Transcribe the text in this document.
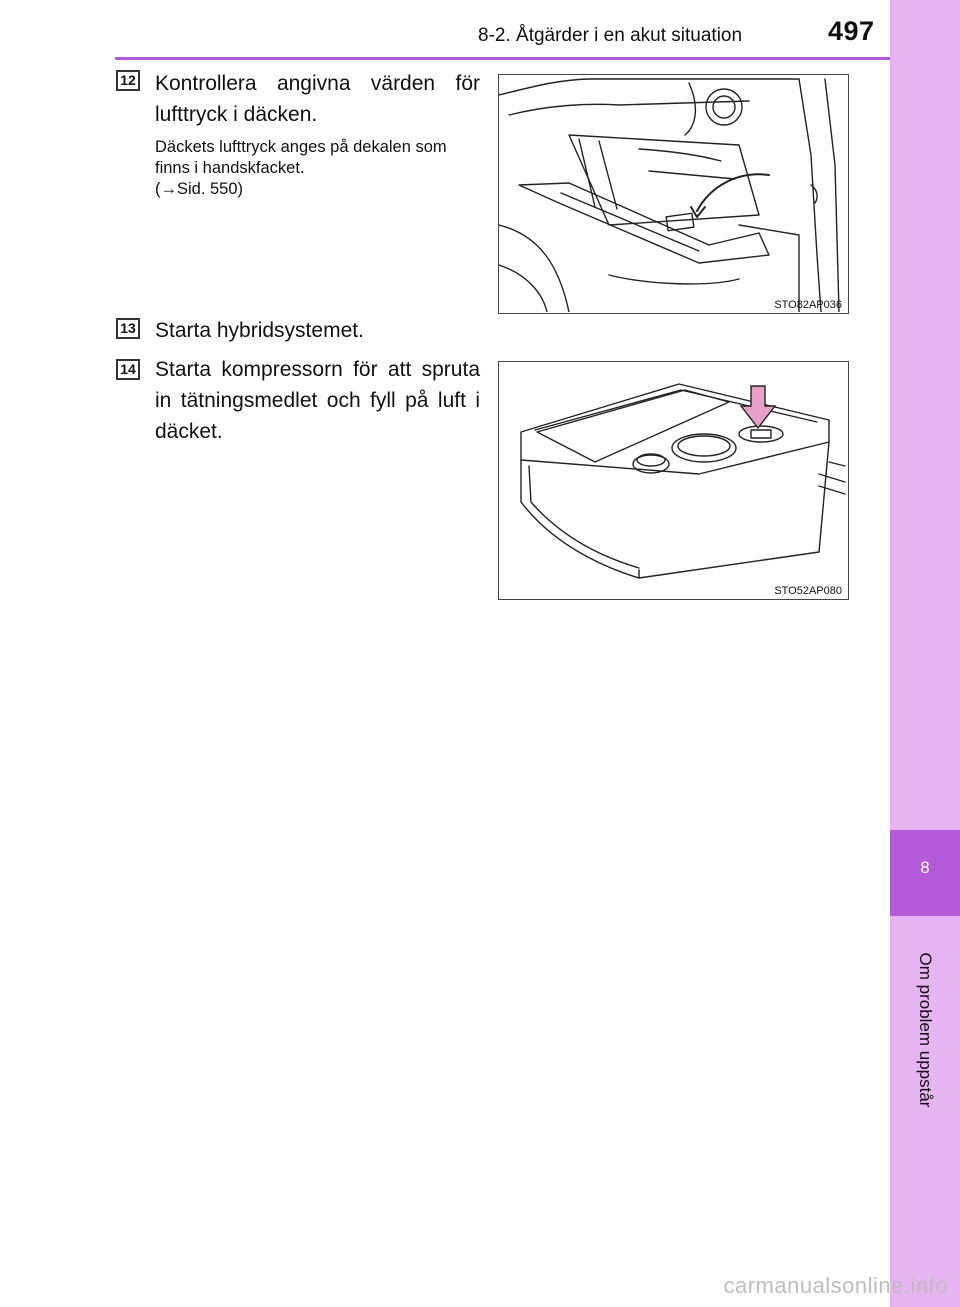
8
Om problem uppstår
8-2. Åtgärder i en akut situation	497
12 Kontrollera angivna värden för lufttryck i däcken.
Däckets lufttryck anges på dekalen som finns i handskfacket.
(→Sid. 550)
STO82AP036
13 Starta hybridsystemet.
14 Starta kompressorn för att spruta in tätningsmedlet och fyll på luft i däcket.
STO52AP080
carmanualsonline.info
